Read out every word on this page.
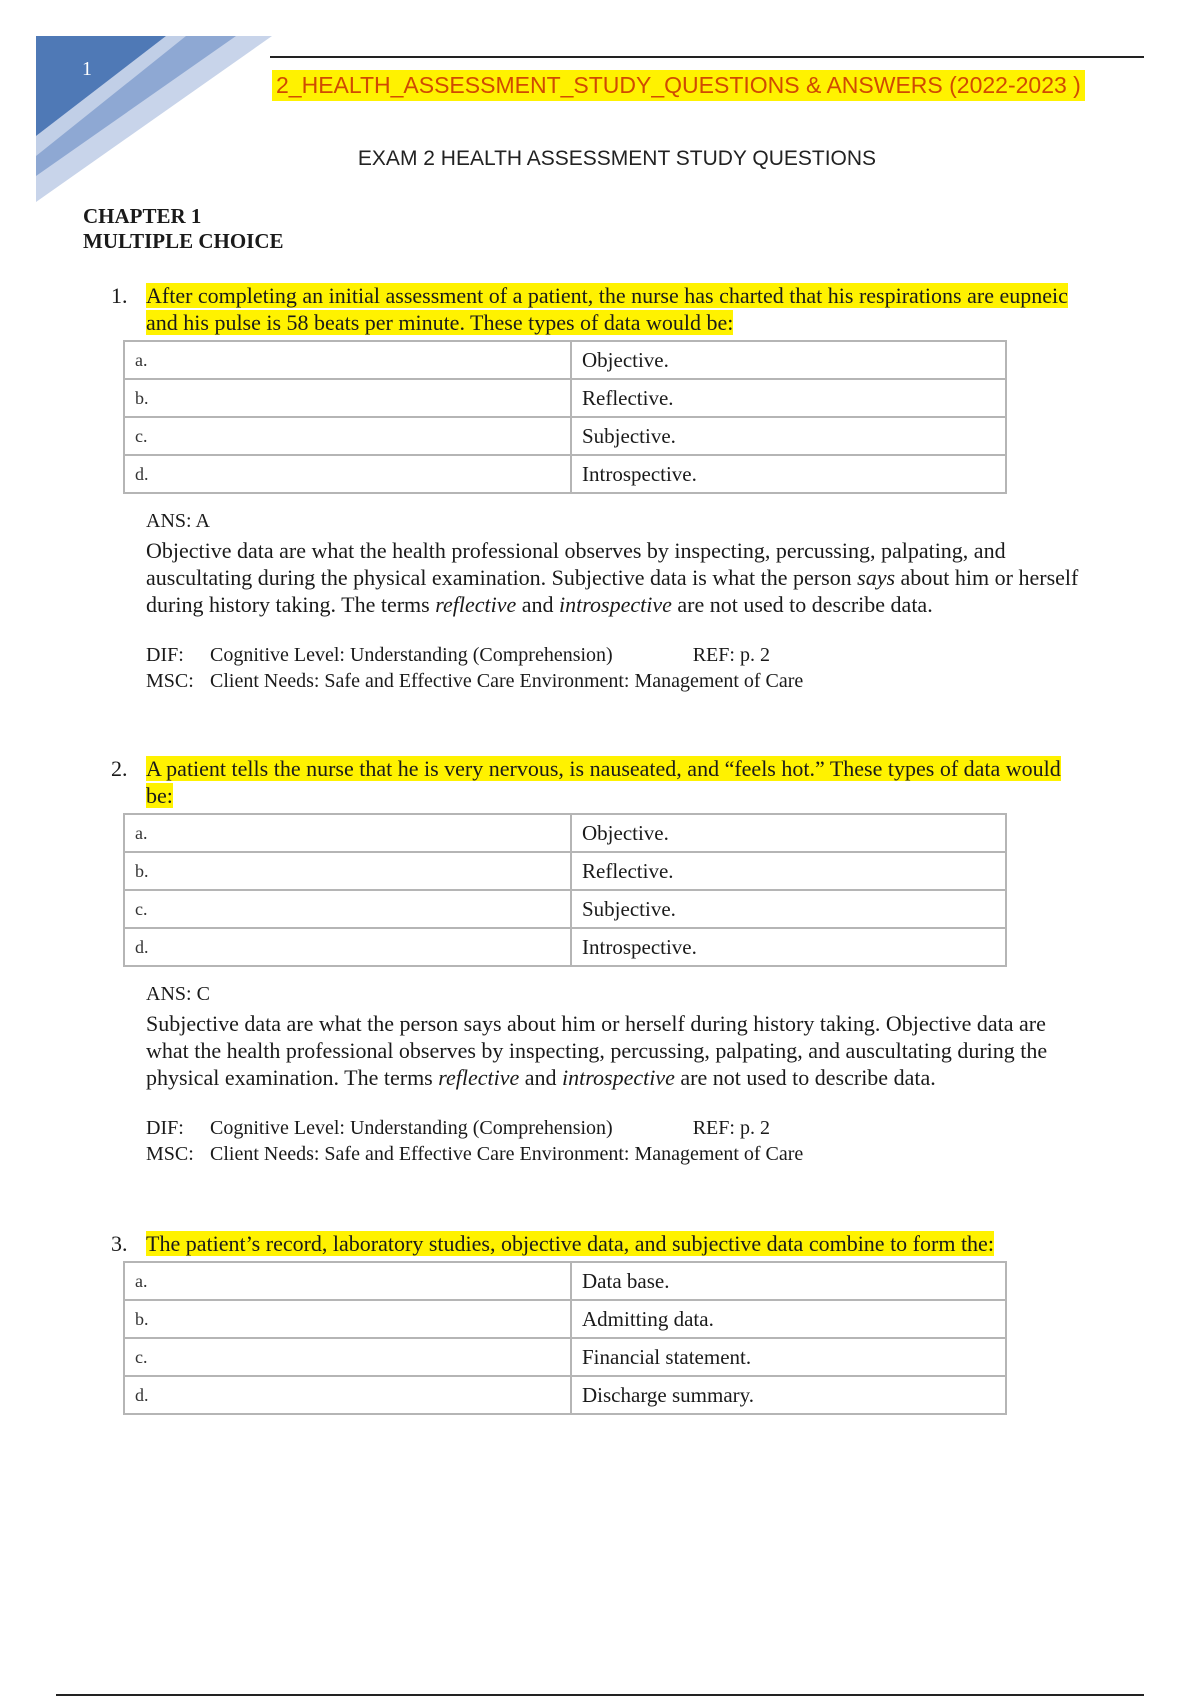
1
2_HEALTH_ASSESSMENT_STUDY_QUESTIONS & ANSWERS (2022-2023 )
EXAM 2 HEALTH ASSESSMENT STUDY QUESTIONS
CHAPTER 1
MULTIPLE CHOICE
1. After completing an initial assessment of a patient, the nurse has charted that his respirations are eupneic and his pulse is 58 beats per minute. These types of data would be:
a.	Objective.
b.	Reflective.
c.	Subjective.
d.	Introspective.
ANS: A
Objective data are what the health professional observes by inspecting, percussing, palpating, and auscultating during the physical examination. Subjective data is what the person says about him or herself during history taking. The terms reflective and introspective are not used to describe data.
DIF: Cognitive Level: Understanding (Comprehension)	REF: p. 2
MSC: Client Needs: Safe and Effective Care Environment: Management of Care
2. A patient tells the nurse that he is very nervous, is nauseated, and “feels hot.” These types of data would be:
a.	Objective.
b.	Reflective.
c.	Subjective.
d.	Introspective.
ANS: C
Subjective data are what the person says about him or herself during history taking. Objective data are what the health professional observes by inspecting, percussing, palpating, and auscultating during the physical examination. The terms reflective and introspective are not used to describe data.
DIF: Cognitive Level: Understanding (Comprehension)	REF: p. 2
MSC: Client Needs: Safe and Effective Care Environment: Management of Care
3. The patient’s record, laboratory studies, objective data, and subjective data combine to form the:
a.	Data base.
b.	Admitting data.
c.	Financial statement.
d.	Discharge summary.
